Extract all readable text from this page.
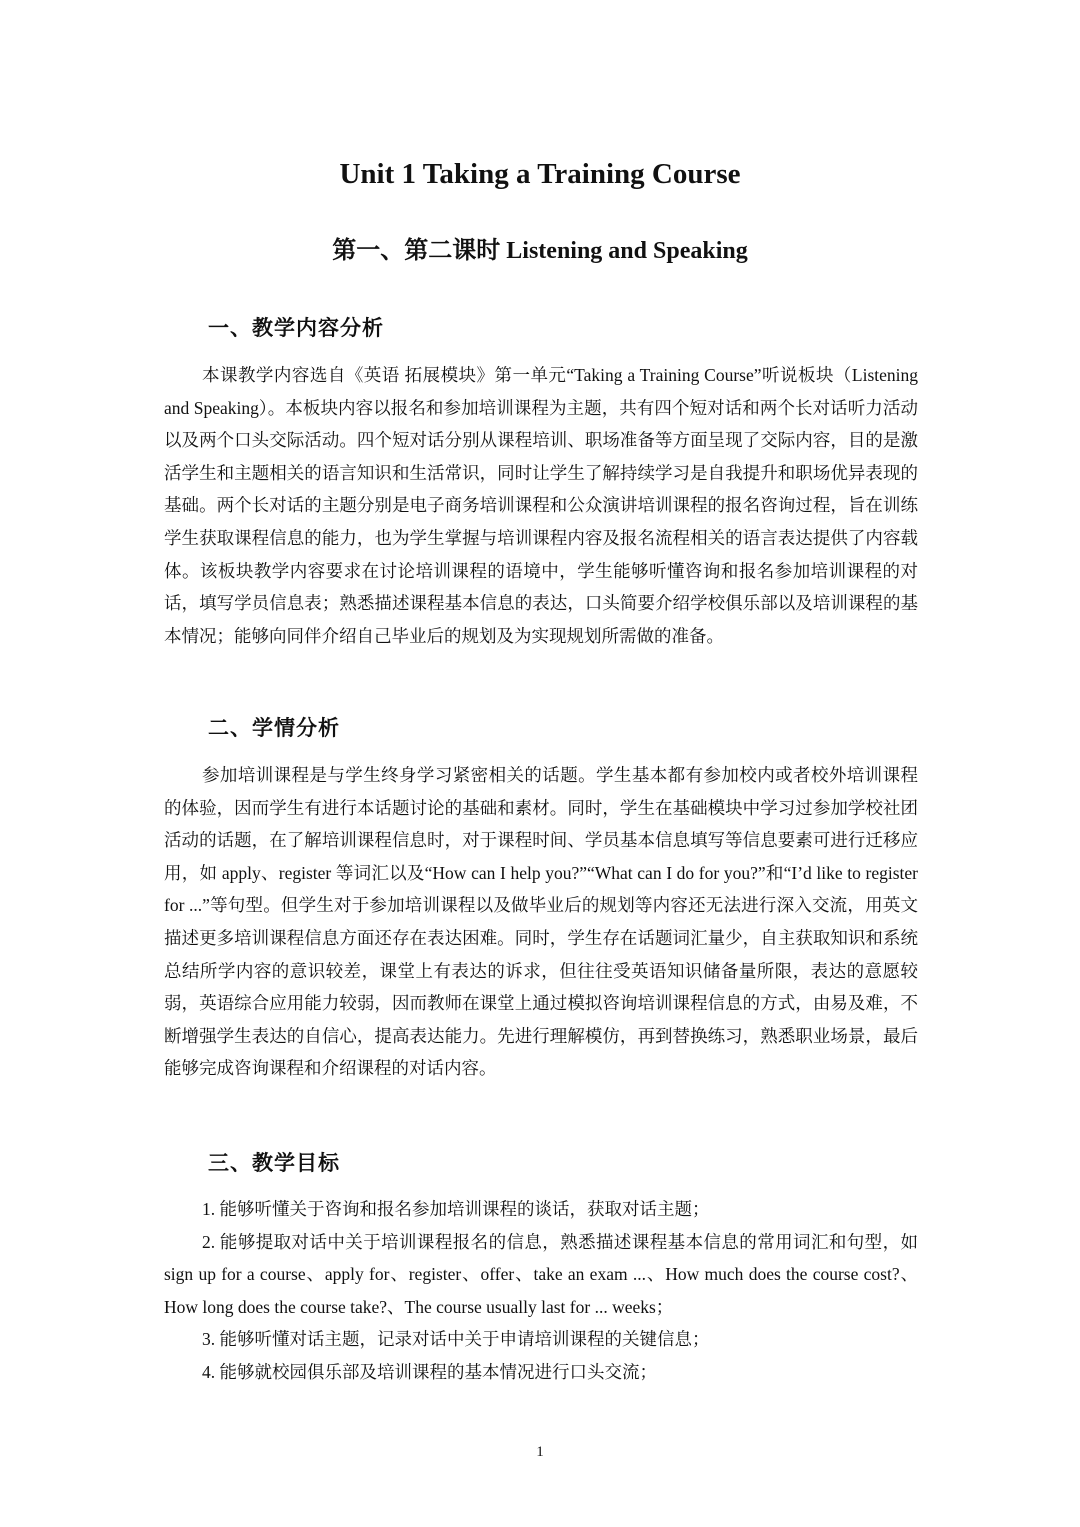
Unit 1 Taking a Training Course
第一、第二课时 Listening and Speaking
一、教学内容分析

本课教学内容选自《英语 拓展模块》第一单元“Taking a Training Course”听说板块（Listening and Speaking）。本板块内容以报名和参加培训课程为主题，共有四个短对话和两个长对话听力活动以及两个口头交际活动。四个短对话分别从课程培训、职场准备等方面呈现了交际内容，目的是激活学生和主题相关的语言知识和生活常识，同时让学生了解持续学习是自我提升和职场优异表现的基础。两个长对话的主题分别是电子商务培训课程和公众演讲培训课程的报名咨询过程，旨在训练学生获取课程信息的能力，也为学生掌握与培训课程内容及报名流程相关的语言表达提供了内容载体。该板块教学内容要求在讨论培训课程的语境中，学生能够听懂咨询和报名参加培训课程的对话，填写学员信息表；熟悉描述课程基本信息的表达，口头简要介绍学校俱乐部以及培训课程的基本情况；能够向同伴介绍自己毕业后的规划及为实现规划所需做的准备。

二、学情分析

参加培训课程是与学生终身学习紧密相关的话题。学生基本都有参加校内或者校外培训课程的体验，因而学生有进行本话题讨论的基础和素材。同时，学生在基础模块中学习过参加学校社团活动的话题，在了解培训课程信息时，对于课程时间、学员基本信息填写等信息要素可进行迁移应用，如 apply、register 等词汇以及“How can I help you?”“What can I do for you?”和“I’d like to register for ...”等句型。但学生对于参加培训课程以及做毕业后的规划等内容还无法进行深入交流，用英文描述更多培训课程信息方面还存在表达困难。同时，学生存在话题词汇量少，自主获取知识和系统总结所学内容的意识较差，课堂上有表达的诉求，但往往受英语知识储备量所限，表达的意愿较弱，英语综合应用能力较弱，因而教师在课堂上通过模拟咨询培训课程信息的方式，由易及难，不断增强学生表达的自信心，提高表达能力。先进行理解模仿，再到替换练习，熟悉职业场景，最后能够完成咨询课程和介绍课程的对话内容。

三、教学目标
1. 能够听懂关于咨询和报名参加培训课程的谈话，获取对话主题；
2. 能够提取对话中关于培训课程报名的信息，熟悉描述课程基本信息的常用词汇和句型，如 sign up for a course、apply for、register、offer、take an exam ...、How much does the course cost?、How long does the course take?、The course usually last for ... weeks；
3. 能够听懂对话主题，记录对话中关于申请培训课程的关键信息；
4. 能够就校园俱乐部及培训课程的基本情况进行口头交流；
1
